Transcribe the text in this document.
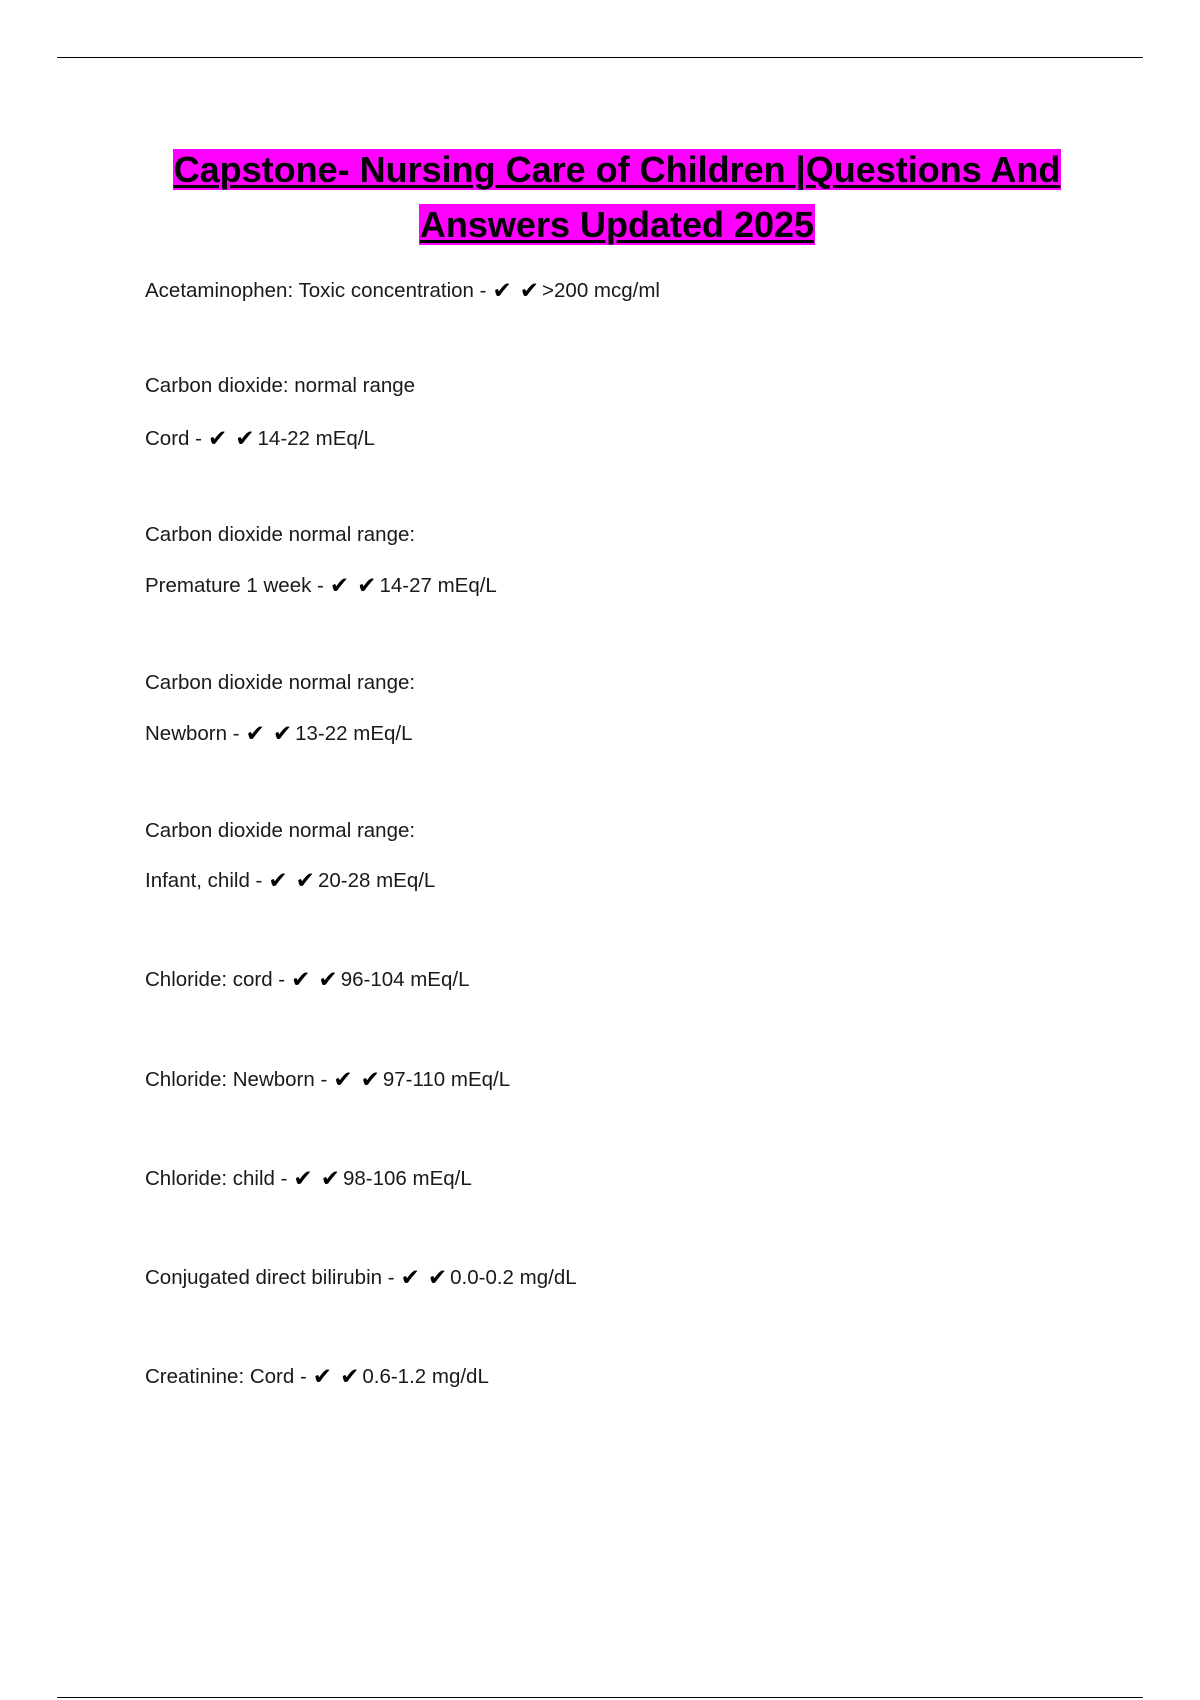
Capstone- Nursing Care of Children |Questions And
Answers Updated 2025
Acetaminophen: Toxic concentration - ✔ ✔ >200 mcg/ml
Carbon dioxide: normal range
Cord - ✔ ✔ 14-22 mEq/L
Carbon dioxide normal range:
Premature 1 week - ✔ ✔ 14-27 mEq/L
Carbon dioxide normal range:
Newborn - ✔ ✔ 13-22 mEq/L
Carbon dioxide normal range:
Infant, child - ✔ ✔ 20-28 mEq/L
Chloride: cord - ✔ ✔ 96-104 mEq/L
Chloride: Newborn - ✔ ✔ 97-110 mEq/L
Chloride: child - ✔ ✔ 98-106 mEq/L
Conjugated direct bilirubin - ✔ ✔ 0.0-0.2 mg/dL
Creatinine: Cord - ✔ ✔ 0.6-1.2 mg/dL
